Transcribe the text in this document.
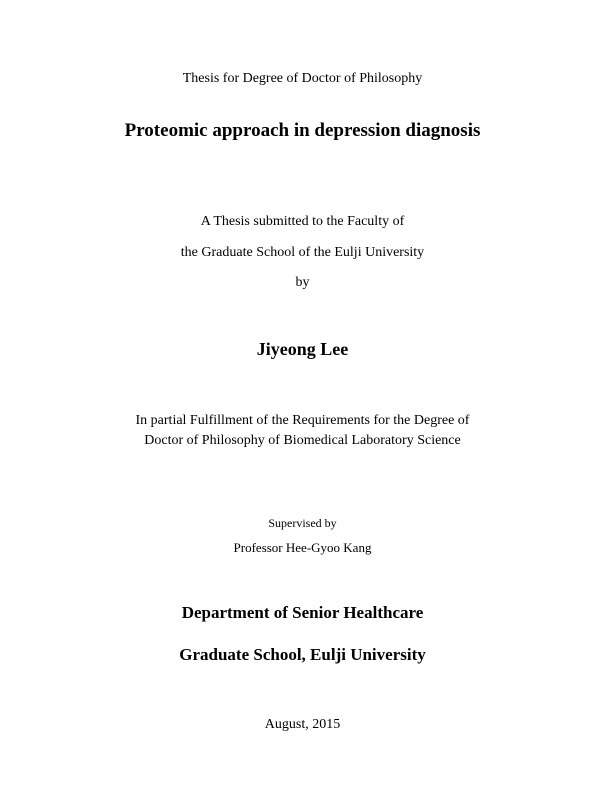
Thesis for Degree of Doctor of Philosophy
Proteomic approach in depression diagnosis
A Thesis submitted to the Faculty of
the Graduate School of the Eulji University
by
Jiyeong Lee
In partial Fulfillment of the Requirements for the Degree of
Doctor of Philosophy of Biomedical Laboratory Science
Supervised by
Professor Hee-Gyoo Kang
Department of Senior Healthcare
Graduate School, Eulji University
August, 2015
